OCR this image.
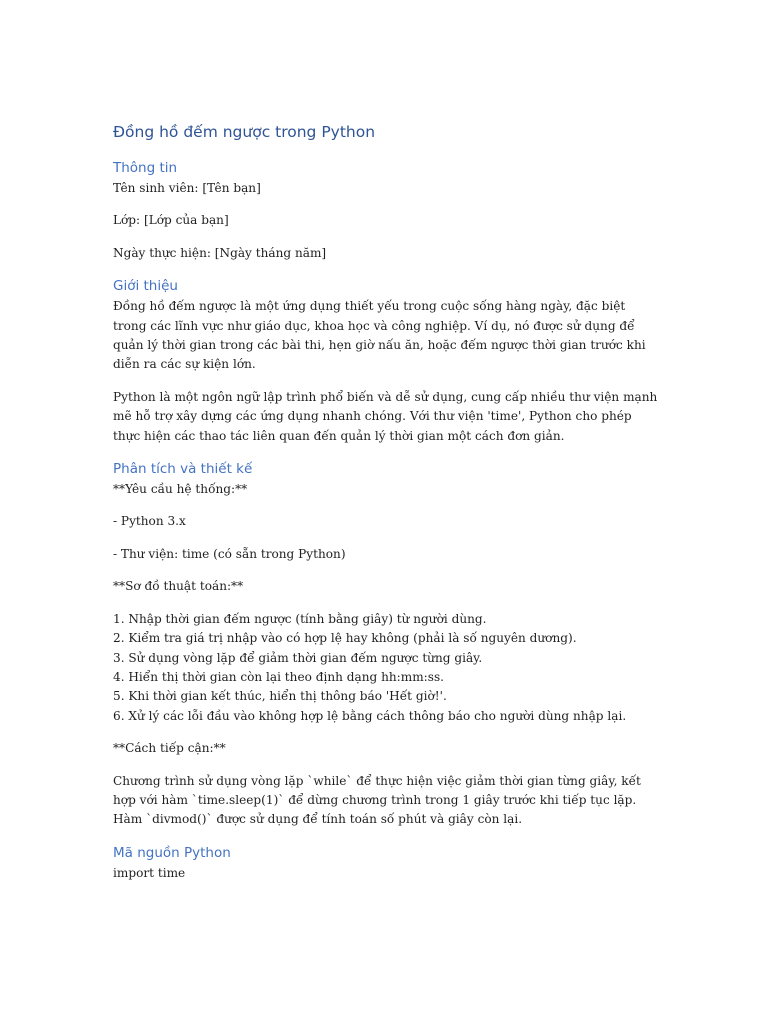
Đồng hồ đếm ngược trong Python
Thông tin

Tên sinh viên: [Tên bạn]

Lớp: [Lớp của bạn]

Ngày thực hiện: [Ngày tháng năm]

Giới thiệu

Đồng hồ đếm ngược là một ứng dụng thiết yếu trong cuộc sống hàng ngày, đặc biệt trong các lĩnh vực như giáo dục, khoa học và công nghiệp. Ví dụ, nó được sử dụng để quản lý thời gian trong các bài thi, hẹn giờ nấu ăn, hoặc đếm ngược thời gian trước khi diễn ra các sự kiện lớn.

Python là một ngôn ngữ lập trình phổ biến và dễ sử dụng, cung cấp nhiều thư viện mạnh mẽ hỗ trợ xây dựng các ứng dụng nhanh chóng. Với thư viện 'time', Python cho phép thực hiện các thao tác liên quan đến quản lý thời gian một cách đơn giản.

Phân tích và thiết kế

**Yêu cầu hệ thống:**

- Python 3.x

- Thư viện: time (có sẵn trong Python)

**Sơ đồ thuật toán:**

1. Nhập thời gian đếm ngược (tính bằng giây) từ người dùng.
2. Kiểm tra giá trị nhập vào có hợp lệ hay không (phải là số nguyên dương).
3. Sử dụng vòng lặp để giảm thời gian đếm ngược từng giây.
4. Hiển thị thời gian còn lại theo định dạng hh:mm:ss.
5. Khi thời gian kết thúc, hiển thị thông báo 'Hết giờ!'.
6. Xử lý các lỗi đầu vào không hợp lệ bằng cách thông báo cho người dùng nhập lại.

**Cách tiếp cận:**

Chương trình sử dụng vòng lặp `while` để thực hiện việc giảm thời gian từng giây, kết hợp với hàm `time.sleep(1)` để dừng chương trình trong 1 giây trước khi tiếp tục lặp. Hàm `divmod()` được sử dụng để tính toán số phút và giây còn lại.

Mã nguồn Python

import time
